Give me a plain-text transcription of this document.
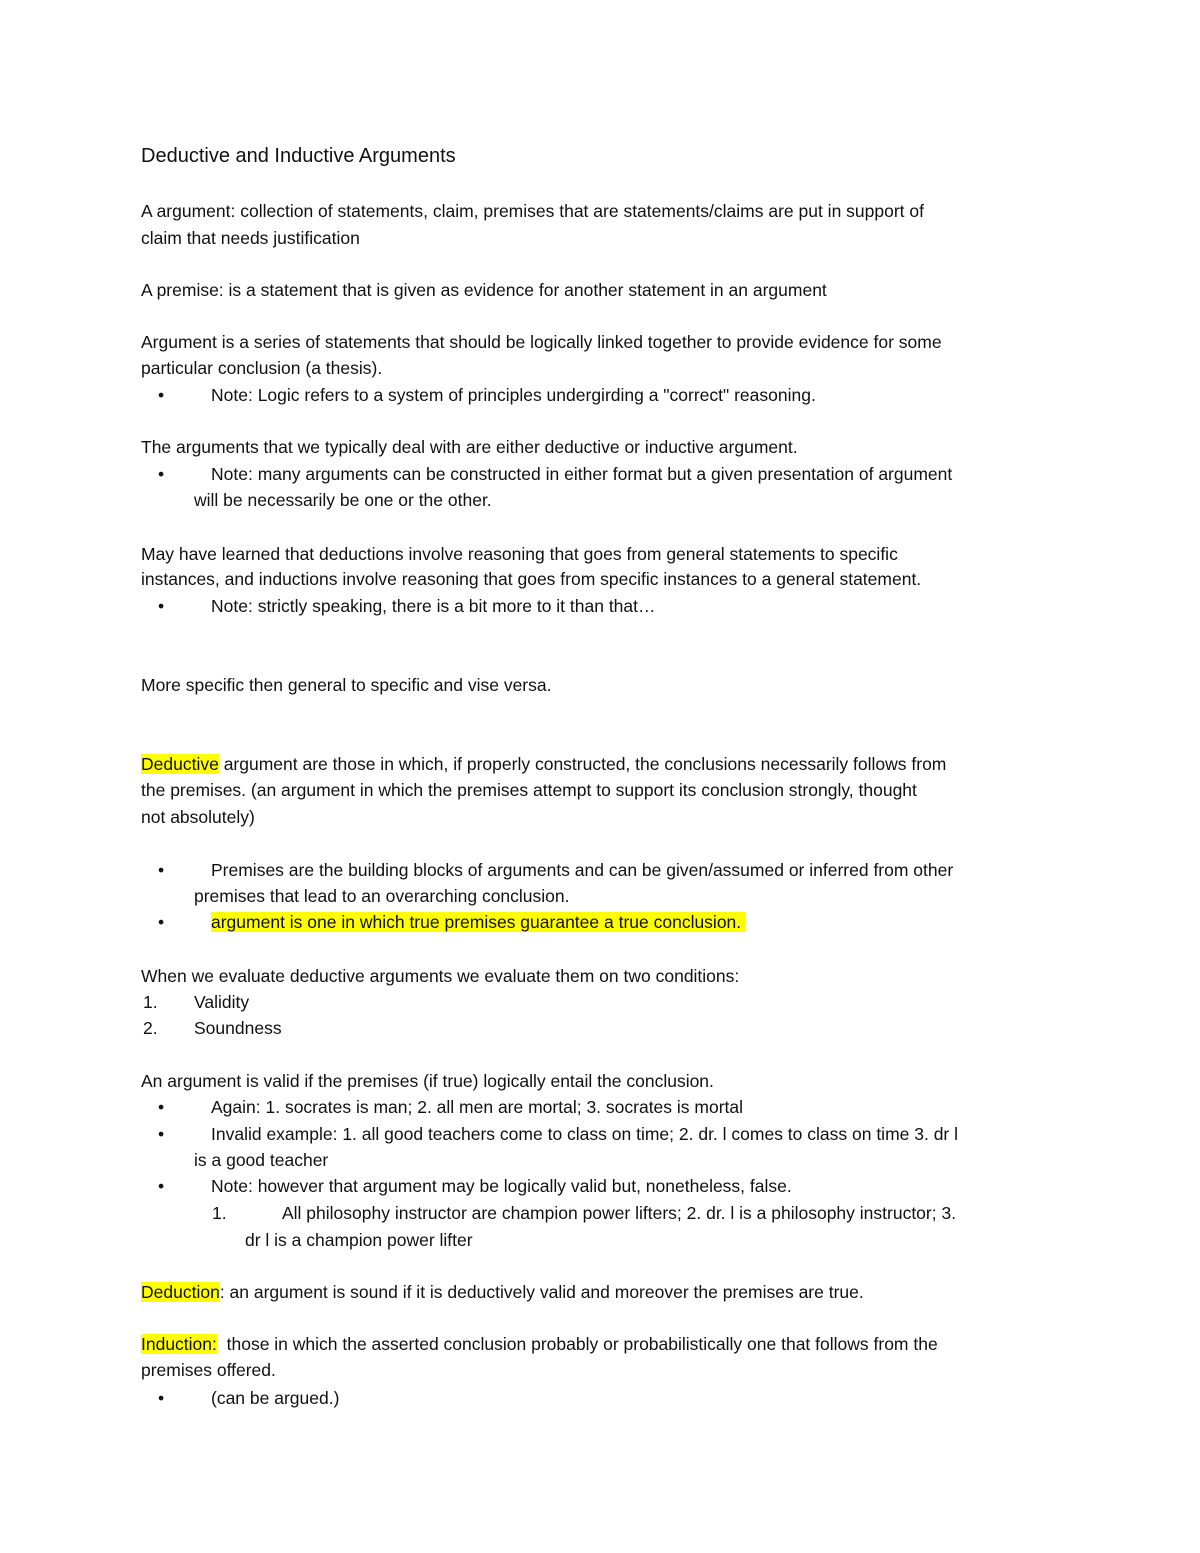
Deductive and Inductive Arguments
A argument: collection of statements, claim, premises that are statements/claims are put in support of
claim that needs justification
A premise: is a statement that is given as evidence for another statement in an argument
Argument is a series of statements that should be logically linked together to provide evidence for some
particular conclusion (a thesis).
•	Note: Logic refers to a system of principles undergirding a "correct" reasoning.
The arguments that we typically deal with are either deductive or inductive argument.
•	Note: many arguments can be constructed in either format but a given presentation of argument
will be necessarily be one or the other.
May have learned that deductions involve reasoning that goes from general statements to specific
instances, and inductions involve reasoning that goes from specific instances to a general statement.
•	Note: strictly speaking, there is a bit more to it than that…
More specific then general to specific and vise versa.
Deductive argument are those in which, if properly constructed, the conclusions necessarily follows from
the premises. (an argument in which the premises attempt to support its conclusion strongly, thought
not absolutely)
•	Premises are the building blocks of arguments and can be given/assumed or inferred from other
premises that lead to an overarching conclusion.
•	argument is one in which true premises guarantee a true conclusion.
When we evaluate deductive arguments we evaluate them on two conditions:
1. Validity
2. Soundness
An argument is valid if the premises (if true) logically entail the conclusion.
•	Again: 1. socrates is man; 2. all men are mortal; 3. socrates is mortal
•	Invalid example: 1. all good teachers come to class on time; 2. dr. l comes to class on time 3. dr l
is a good teacher
•	Note: however that argument may be logically valid but, nonetheless, false.
1.	All philosophy instructor are champion power lifters; 2. dr. l is a philosophy instructor; 3.
dr l is a champion power lifter
Deduction: an argument is sound if it is deductively valid and moreover the premises are true.
Induction:  those in which the asserted conclusion probably or probabilistically one that follows from the
premises offered.
•	(can be argued.)
